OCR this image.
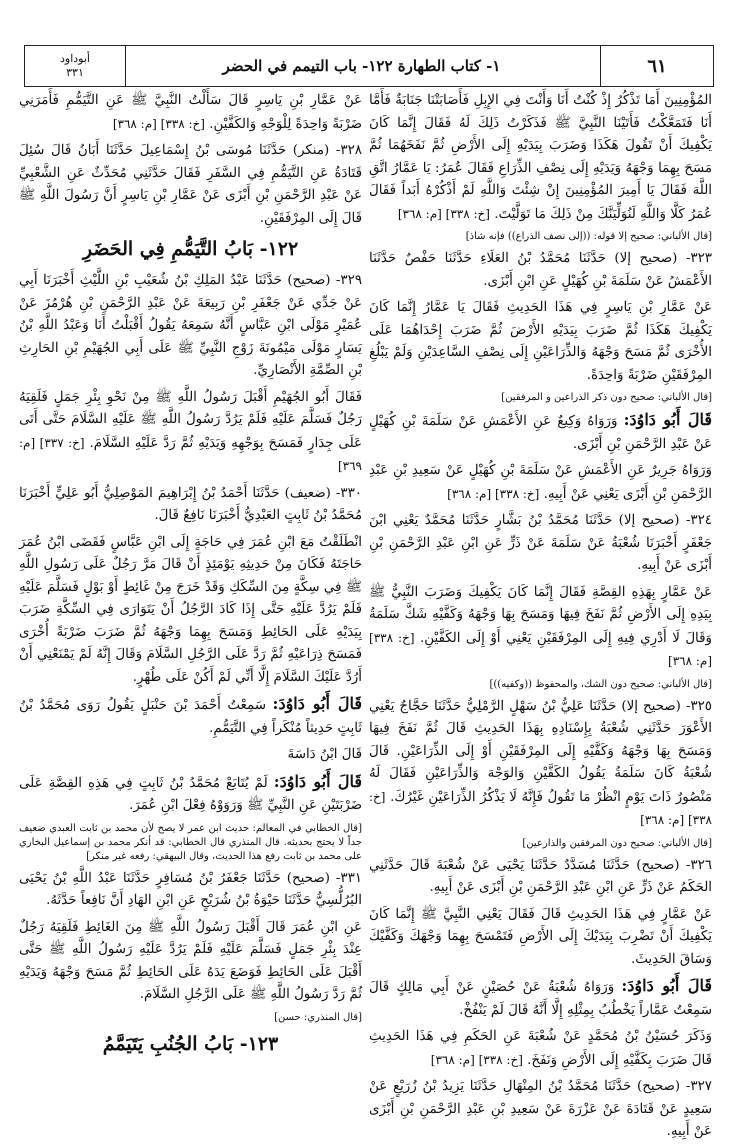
٦١
١- كتاب الطهارة ١٢٢- باب التيمم في الحضر
أبوداود
٣٣١

المُؤْمِنِينَ أَمَا تَذْكُرُ إِذْ كُنْتُ أَنَا وَأَنْتَ فِي الإِبِلِ فَأَصَابَتْنَا جَنَابَةٌ فَأَمَّا أَنَا فَتَمَعَّكْتُ فَأَتَيْنَا النَّبِيَّ ﷺ فَذَكَرْتُ ذَلِكَ لَهُ فَقَالَ إِنَّمَا كَانَ يَكْفِيكَ أَنْ تَقُولَ هَكَذَا وَضَرَبَ بِيَدَيْهِ إِلَى الأَرْضِ ثُمَّ نَفَخَهُمَا ثُمَّ مَسَحَ بِهِمَا وَجْهَهُ وَيَدَيْهِ إِلَى نِصْفِ الذِّرَاعِ فَقَالَ عُمَرُ: يَا عَمَّارُ اتَّقِ اللَّهَ فَقَالَ يَا أَمِيرَ المُؤْمِنِينَ إِنْ شِئْتَ وَاللَّهِ لَمْ أَذْكُرْهُ أَبَداً فَقَالَ عُمَرُ كَلَّا وَاللَّهِ لَنُوَلِّيَنَّكَ مِنْ ذَلِكَ مَا تَوَلَّيْتَ. [خ: ٣٣٨] [م: ٣٦٨]

[قال الألباني: صحيح إلا قوله: ((إلى نصف الذراع)) فإنه شاذ]

٣٢٣- (صحيح إلا) حَدَّثَنَا مُحَمَّدُ بْنُ العَلَاءِ حَدَّثَنَا حَفْصٌ حَدَّثَنَا الأَعْمَشُ عَنْ سَلَمَةَ بْنِ كُهَيْلٍ عَنِ ابْنِ أَبْزَى.

عَنْ عَمَّارِ بْنِ يَاسِرٍ فِي هَذَا الحَدِيثِ فَقَالَ يَا عَمَّارُ إِنَّمَا كَانَ يَكْفِيكَ هَكَذَا ثُمَّ ضَرَبَ بِيَدَيْهِ الأَرْضَ ثُمَّ ضَرَبَ إِحْدَاهُمَا عَلَى الأُخْرَى ثُمَّ مَسَحَ وَجْهَهُ وَالذِّرَاعَيْنِ إِلَى نِصْفِ السَّاعِدَيْنِ وَلَمْ يَبْلُغِ المِرْفَقَيْنِ ضَرْبَةً وَاحِدَةً.

[قال الألباني: صحيح دون ذكر الذراعين و المرفقين]

قَالَ أَبُو دَاوُدَ: وَرَوَاهُ وَكِيعٌ عَنِ الأَعْمَشِ عَنْ سَلَمَةَ بْنِ كُهَيْلٍ عَنْ عَبْدِ الرَّحْمَنِ بْنِ أَبْزَى.

وَرَوَاهُ جَرِيرٌ عَنِ الأَعْمَشِ عَنْ سَلَمَةَ بْنِ كُهَيْلٍ عَنْ سَعِيدِ بْنِ عَبْدِ الرَّحْمَنِ بْنِ أَبْزَى يَعْنِي عَنْ أَبِيهِ. [خ: ٣٣٨] [م: ٣٦٨]

٣٢٤- (صحيح إلا) حَدَّثَنَا مُحَمَّدُ بْنُ بَشَّارٍ حَدَّثَنَا مُحَمَّدٌ يَعْنِي ابْنَ جَعْفَرٍ أَخْبَرَنَا شُعْبَةُ عَنْ سَلَمَةَ عَنْ ذَرٍّ عَنِ ابْنِ عَبْدِ الرَّحْمَنِ بْنِ أَبْزَى عَنْ أَبِيهِ.

عَنْ عَمَّارٍ بِهَذِهِ القِصَّةِ فَقَالَ إِنَّمَا كَانَ يَكْفِيكَ وَضَرَبَ النَّبِيُّ ﷺ بِيَدِهِ إِلَى الأَرْضِ ثُمَّ نَفَخَ فِيهَا وَمَسَحَ بِهَا وَجْهَهُ وَكَفَّيْهِ شَكَّ سَلَمَةُ وَقَالَ لَا أَدْرِي فِيهِ إِلَى المِرْفَقَيْنِ يَعْنِي أَوْ إِلَى الكَفَّيْنِ. [خ: ٣٣٨] [م: ٣٦٨]

[قال الألباني: صحيح دون الشك، والمحفوظ ((وكفيه))]

٣٢٥- (صحيح إلا) حَدَّثَنَا عَلِيُّ بْنُ سَهْلٍ الرَّمْلِيُّ حَدَّثَنَا حَجَّاجٌ يَعْنِي الأَعْوَرَ حَدَّثَنِي شُعْبَةُ بِإِسْنَادِهِ بِهَذَا الحَدِيثِ قَالَ ثُمَّ نَفَخَ فِيهَا وَمَسَحَ بِهَا وَجْهَهُ وَكَفَّيْهِ إِلَى المِرْفَقَيْنِ أَوْ إِلَى الذِّرَاعَيْنِ. قَالَ شُعْبَةُ كَانَ سَلَمَةُ يَقُولُ الكَفَّيْنِ وَالوَجْهَ وَالذِّرَاعَيْنِ فَقَالَ لَهُ مَنْصُورٌ ذَاتَ يَوْمٍ انْظُرْ مَا تَقُولُ فَإِنَّهُ لَا يَذْكُرُ الذِّرَاعَيْنِ غَيْرُكَ. [خ: ٣٣٨] [م: ٣٦٨]

[قال الألباني: صحيح دون المرفقين والذارعين]

٣٢٦- (صحيح) حَدَّثَنَا مُسَدَّدٌ حَدَّثَنَا يَحْيَى عَنْ شُعْبَةَ قَالَ حَدَّثَنِي الحَكَمُ عَنْ ذَرٍّ عَنِ ابْنِ عَبْدِ الرَّحْمَنِ بْنِ أَبْزَى عَنْ أَبِيهِ.

عَنْ عَمَّارٍ فِي هَذَا الحَدِيثِ قَالَ فَقَالَ يَعْنِي النَّبِيَّ ﷺ إِنَّمَا كَانَ يَكْفِيكَ أَنْ تَضْرِبَ بِيَدَيْكَ إِلَى الأَرْضِ فَتَمْسَحَ بِهِمَا وَجْهَكَ وَكَفَّيْكَ وَسَاقَ الحَدِيثَ.

قَالَ أَبُو دَاوُدَ: وَرَوَاهُ شُعْبَةُ عَنْ حُصَيْنٍ عَنْ أَبِي مَالِكٍ قَالَ سَمِعْتُ عَمَّاراً يَخْطُبُ بِمِثْلِهِ إِلَّا أَنَّهُ قَالَ لَمْ يَنْفُخْ.

وَذَكَرَ حُسَيْنُ بْنُ مُحَمَّدٍ عَنْ شُعْبَةَ عَنِ الحَكَمِ فِي هَذَا الحَدِيثِ قَالَ ضَرَبَ بِكَفَّيْهِ إِلَى الأَرْضِ وَنَفَخَ. [خ: ٣٣٨] [م: ٣٦٨]

٣٢٧- (صحيح) حَدَّثَنَا مُحَمَّدُ بْنُ المِنْهَالِ حَدَّثَنَا يَزِيدُ بْنُ زُرَيْعٍ عَنْ سَعِيدٍ عَنْ قَتَادَةَ عَنْ عَزْرَةَ عَنْ سَعِيدِ بْنِ عَبْدِ الرَّحْمَنِ بْنِ أَبْزَى عَنْ أَبِيهِ.

عَنْ عَمَّارِ بْنِ يَاسِرٍ قَالَ سَأَلْتُ النَّبِيَّ ﷺ عَنِ التَّيَمُّمِ فَأَمَرَنِي ضَرْبَةً وَاحِدَةً لِلْوَجْهِ وَالكَفَّيْنِ. [خ: ٣٣٨] [م: ٣٦٨]

٣٢٨- (منكر) حَدَّثَنَا مُوسَى بْنُ إِسْمَاعِيلَ حَدَّثَنَا أَبَانُ قَالَ سُئِلَ قَتَادَةُ عَنِ التَّيَمُّمِ فِي السَّفَرِ فَقَالَ حَدَّثَنِي مُحَدِّثٌ عَنِ الشَّعْبِيِّ عَنْ عَبْدِ الرَّحْمَنِ بْنِ أَبْزَى عَنْ عَمَّارِ بْنِ يَاسِرٍ أَنَّ رَسُولَ اللَّهِ ﷺ قَالَ إِلَى المِرْفَقَيْنِ.

١٢٢- بَابُ التَّيَمُّمِ فِي الحَضَرِ

٣٢٩- (صحيح) حَدَّثَنَا عَبْدُ المَلِكِ بْنُ شُعَيْبِ بْنِ اللَّيْثِ أَخْبَرَنَا أَبِي عَنْ جَدِّي عَنْ جَعْفَرِ بْنِ رَبِيعَةَ عَنْ عَبْدِ الرَّحْمَنِ بْنِ هُرْمُزَ عَنْ عُمَيْرٍ مَوْلَى ابْنِ عَبَّاسٍ أَنَّهُ سَمِعَهُ يَقُولُ أَقْبَلْتُ أَنَا وَعَبْدُ اللَّهِ بْنُ يَسَارٍ مَوْلَى مَيْمُونَةَ زَوْجِ النَّبِيِّ ﷺ عَلَى أَبِي الجُهَيْمِ بْنِ الحَارِثِ بْنِ الصِّمَّةِ الأَنْصَارِيِّ.

فَقَالَ أَبُو الجُهَيْمِ أَقْبَلَ رَسُولُ اللَّهِ ﷺ مِنْ نَحْوِ بِئْرِ جَمَلٍ فَلَقِيَهُ رَجُلٌ فَسَلَّمَ عَلَيْهِ فَلَمْ يَرُدَّ رَسُولُ اللَّهِ ﷺ عَلَيْهِ السَّلَامَ حَتَّى أَتَى عَلَى جِدَارٍ فَمَسَحَ بِوَجْهِهِ وَيَدَيْهِ ثُمَّ رَدَّ عَلَيْهِ السَّلَامَ. [خ: ٣٣٧] [م: ٣٦٩]

٣٣٠- (ضعيف) حَدَّثَنَا أَحْمَدُ بْنُ إِبْرَاهِيمَ المَوْصِلِيُّ أَبُو عَلِيٍّ أَخْبَرَنَا مُحَمَّدُ بْنُ ثَابِتٍ العَبْدِيُّ أَخْبَرَنَا نَافِعٌ قَالَ.

انْطَلَقْتُ مَعَ ابْنِ عُمَرَ فِي حَاجَةٍ إِلَى ابْنِ عَبَّاسٍ فَقَضَى ابْنُ عُمَرَ حَاجَتَهُ فَكَانَ مِنْ حَدِيثِهِ يَوْمَئِذٍ أَنْ قَالَ مَرَّ رَجُلٌ عَلَى رَسُولِ اللَّهِ ﷺ فِي سِكَّةٍ مِنَ السِّكَكِ وَقَدْ خَرَجَ مِنْ غَائِطٍ أَوْ بَوْلٍ فَسَلَّمَ عَلَيْهِ فَلَمْ يَرُدَّ عَلَيْهِ حَتَّى إِذَا كَادَ الرَّجُلُ أَنْ يَتَوَارَى فِي السِّكَّةِ ضَرَبَ بِيَدَيْهِ عَلَى الحَائِطِ وَمَسَحَ بِهِمَا وَجْهَهُ ثُمَّ ضَرَبَ ضَرْبَةً أُخْرَى فَمَسَحَ ذِرَاعَيْهِ ثُمَّ رَدَّ عَلَى الرَّجُلِ السَّلَامَ وَقَالَ إِنَّهُ لَمْ يَمْنَعْنِي أَنْ أَرُدَّ عَلَيْكَ السَّلَامَ إِلَّا أَنِّي لَمْ أَكُنْ عَلَى طُهْرٍ.

قَالَ أَبُو دَاوُدَ: سَمِعْتُ أَحْمَدَ بْنَ حَنْبَلٍ يَقُولُ رَوَى مُحَمَّدُ بْنُ ثَابِتٍ حَدِيثاً مُنْكَراً فِي التَّيَمُّمِ.

قَالَ ابْنُ دَاسَةَ

قَالَ أَبُو دَاوُدَ: لَمْ يُتَابَعْ مُحَمَّدُ بْنُ ثَابِتٍ فِي هَذِهِ القِصَّةِ عَلَى ضَرْبَتَيْنِ عَنِ النَّبِيِّ ﷺ وَرَوَوْهُ فِعْلَ ابْنِ عُمَرَ.

[قال الخطابي في المعالم: حديث ابن عمر لا يصح لأن محمد بن ثابت العبدي ضعيف جداً لا يحتج بحديثه. قال المنذري قال الخطابي: قد أنكر محمد بن إسماعيل البخاري على محمد بن ثابت رفع هذا الحديث، وقال البيهقي: رفعه غير منكر]

٣٣١- (صحيح) حَدَّثَنَا جَعْفَرُ بْنُ مُسَافِرٍ حَدَّثَنَا عَبْدُ اللَّهِ بْنُ يَحْيَى البُرُلُّسِيُّ حَدَّثَنَا حَيْوَةُ بْنُ شُرَيْحٍ عَنِ ابْنِ الهَادِ أَنَّ نَافِعاً حَدَّثَهُ.

عَنِ ابْنِ عُمَرَ قَالَ أَقْبَلَ رَسُولُ اللَّهِ ﷺ مِنَ الغَائِطِ فَلَقِيَهُ رَجُلٌ عِنْدَ بِئْرِ جَمَلٍ فَسَلَّمَ عَلَيْهِ فَلَمْ يَرُدَّ عَلَيْهِ رَسُولُ اللَّهِ ﷺ حَتَّى أَقْبَلَ عَلَى الحَائِطِ فَوَضَعَ يَدَهُ عَلَى الحَائِطِ ثُمَّ مَسَحَ وَجْهَهُ وَيَدَيْهِ ثُمَّ رَدَّ رَسُولُ اللَّهِ ﷺ عَلَى الرَّجُلِ السَّلَامَ.

[قال المنذري: حسن]

١٢٣- بَابُ الجُنُبِ يَتَيَمَّمُ
